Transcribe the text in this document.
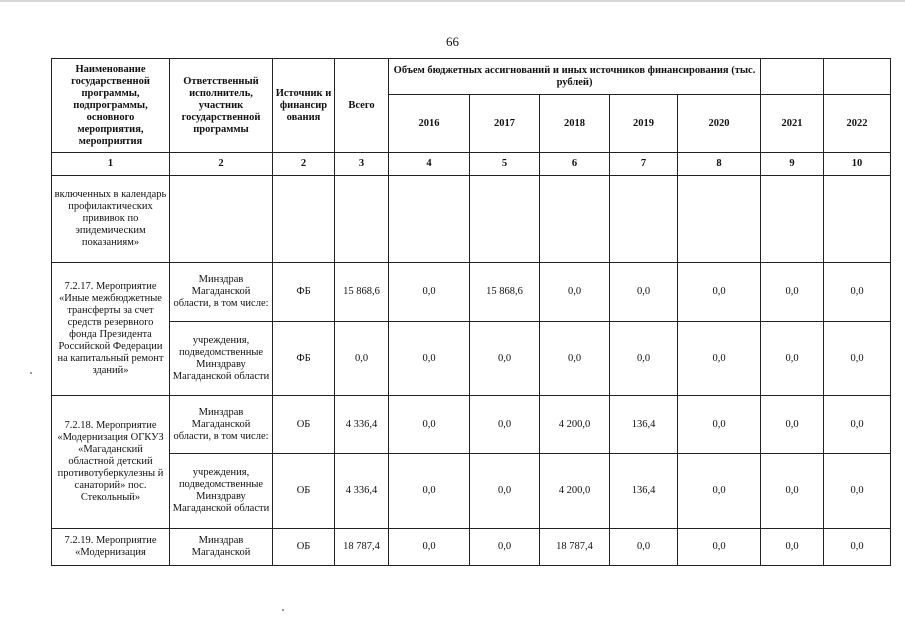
66
Наименование государственной программы, подпрограммы, основного мероприятия, мероприятия	Ответственный исполнитель, участник государственной программы	Источник и финансир ования	Всего	Объем бюджетных ассигнований и иных источников финансирования (тыс. рублей)						
				2016	2017	2018	2019	2020	2021	2022
1	2	2	3	4	5	6	7	8	9	10
включенных в календарь профилактических прививок по эпидемическим показаниям»										
7.2.17. Мероприятие «Иные межбюджетные трансферты за счет средств резервного фонда Президента Российской Федерации на капитальный ремонт зданий»	Минздрав Магаданской области, в том числе:	ФБ	15 868,6	0,0	15 868,6	0,0	0,0	0,0	0,0	0,0
	учреждения, подведомственные Минздраву Магаданской области	ФБ	0,0	0,0	0,0	0,0	0,0	0,0	0,0	0,0
7.2.18. Мероприятие «Модернизация ОГКУЗ «Магаданский областной детский противотуберкулезны й санаторий» пос. Стекольный»	Минздрав Магаданской области, в том числе:	ОБ	4 336,4	0,0	0,0	4 200,0	136,4	0,0	0,0	0,0
	учреждения, подведомственные Минздраву Магаданской области	ОБ	4 336,4	0,0	0,0	4 200,0	136,4	0,0	0,0	0,0
7.2.19. Мероприятие «Модернизация	Минздрав Магаданской	ОБ	18 787,4	0,0	0,0	18 787,4	0,0	0,0	0,0	0,0
